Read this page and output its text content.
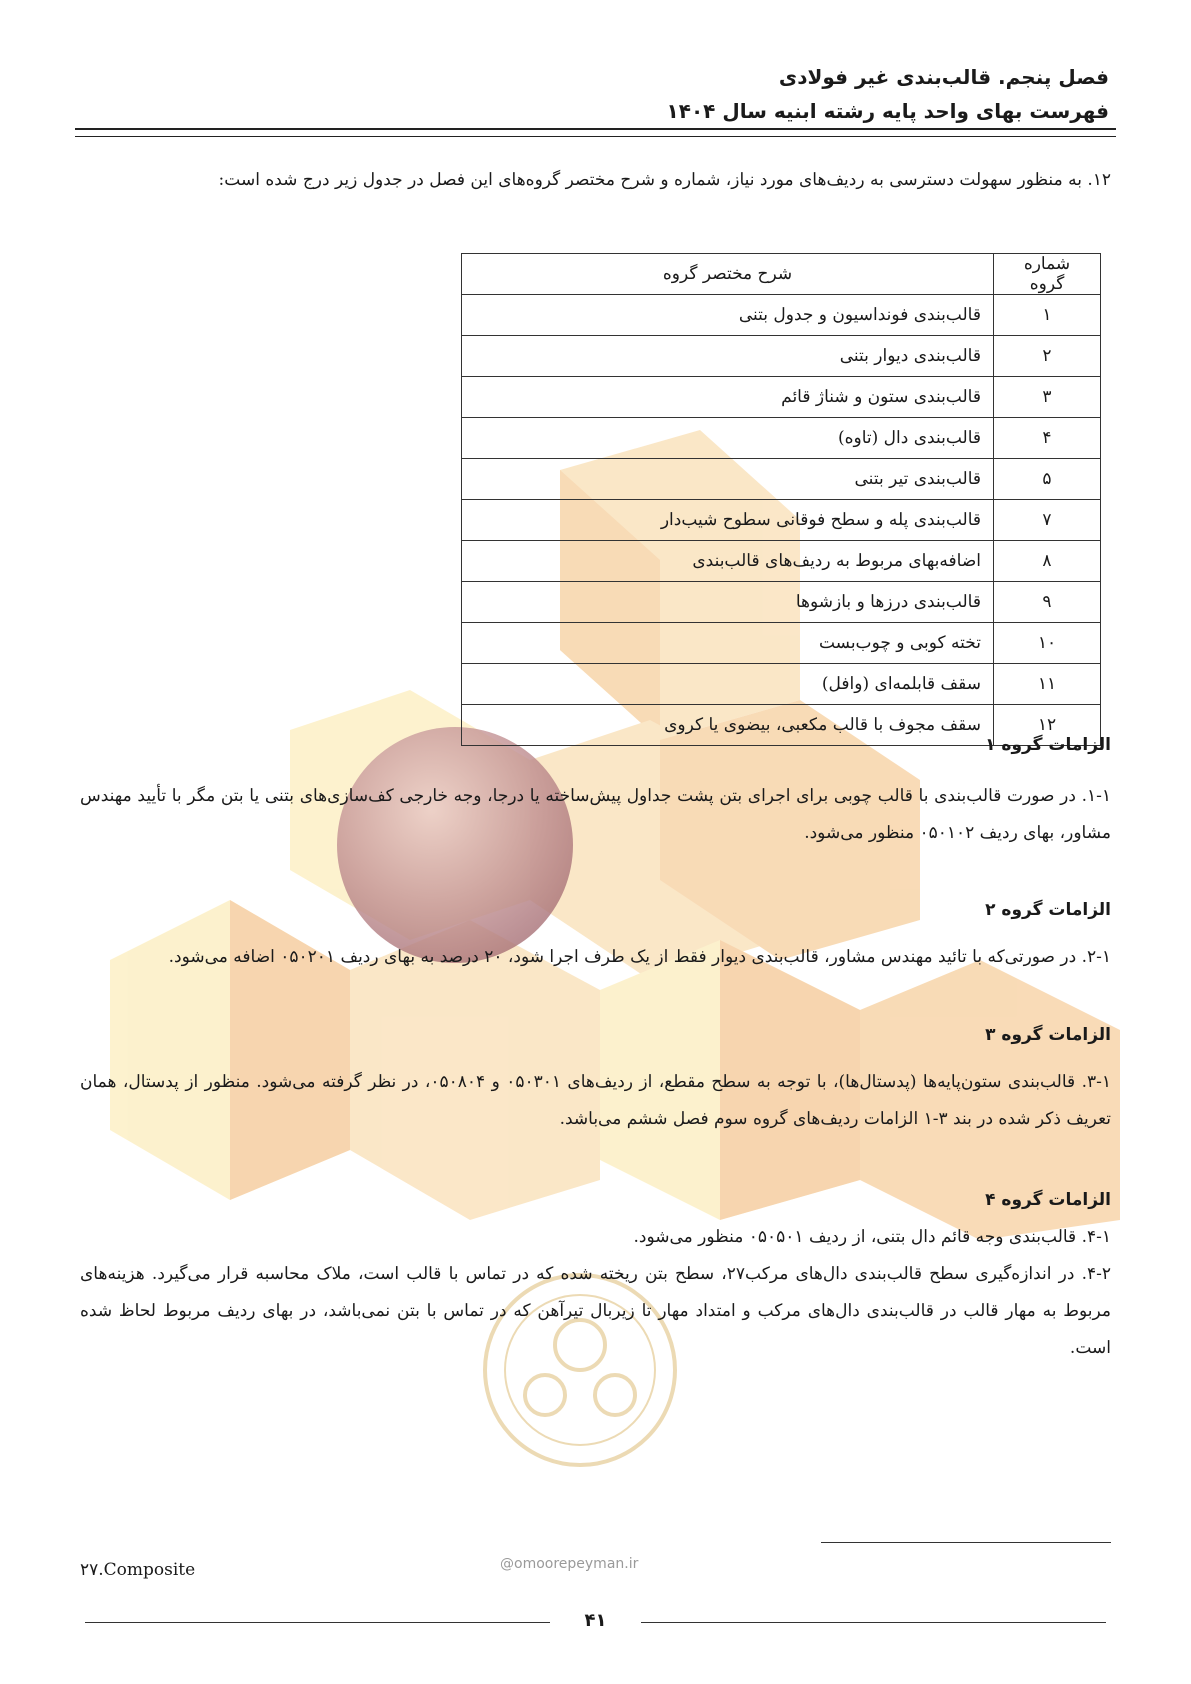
فصل پنجم. قالب‌بندی غیر فولادی

فهرست بهای واحد پایه رشته ابنیه سال ۱۴۰۴

۱۲. به منظور سهولت دسترسی به ردیف‌های مورد نیاز، شماره و شرح مختصر گروه‌های این فصل در جدول زیر درج شده است:

شماره گروه	شرح مختصر گروه
۱	قالب‌بندی فونداسیون و جدول بتنی
۲	قالب‌بندی دیوار بتنی
۳	قالب‌بندی ستون و شناژ قائم
۴	قالب‌بندی دال (تاوه)
۵	قالب‌بندی تیر بتنی
۷	قالب‌بندی پله و سطح فوقانی سطوح شیب‌دار
۸	اضافه‌بهای مربوط به ردیف‌های قالب‌بندی
۹	قالب‌بندی درزها و بازشوها
۱۰	تخته کوبی و چوب‌بست
۱۱	سقف قابلمه‌ای (وافل)
۱۲	سقف مجوف با قالب مکعبی، بیضوی یا کروی

الزامات گروه ۱

۱-۱. در صورت قالب‌بندی با قالب چوبی برای اجرای بتن پشت جداول پیش‌ساخته یا درجا، وجه خارجی کف‌سازی‌های بتنی یا بتن مگر با تأیید مهندس مشاور، بهای ردیف ۰۵۰۱۰۲ منظور می‌شود.

الزامات گروه ۲

۲-۱. در صورتی‌که با تائید مهندس مشاور، قالب‌بندی دیوار فقط از یک طرف اجرا شود، ۲۰ درصد به بهای ردیف ۰۵۰۲۰۱ اضافه می‌شود.

الزامات گروه ۳

۳-۱. قالب‌بندی ستون‌پایه‌ها (پدستال‌ها)، با توجه به سطح مقطع، از ردیف‌های ۰۵۰۳۰۱ و ۰۵۰۸۰۴، در نظر گرفته می‌شود. منظور از پدستال، همان تعریف ذکر شده در بند ۳-۱ الزامات ردیف‌های گروه سوم فصل ششم می‌باشد.

الزامات گروه ۴

۴-۱. قالب‌بندی وجه قائم دال بتنی، از ردیف ۰۵۰۵۰۱ منظور می‌شود.

۴-۲. در اندازه‌گیری سطح قالب‌بندی دال‌های مرکب۲۷، سطح بتن ریخته شده که در تماس با قالب است، ملاک محاسبه قرار می‌گیرد. هزینه‌های مربوط به مهار قالب در قالب‌بندی دال‌های مرکب و امتداد مهار تا زیربال تیرآهن که در تماس با بتن نمی‌باشد، در بهای ردیف مربوط لحاظ شده است.

۲۷.Composite	@omoorepeyman.ir
۴۱
